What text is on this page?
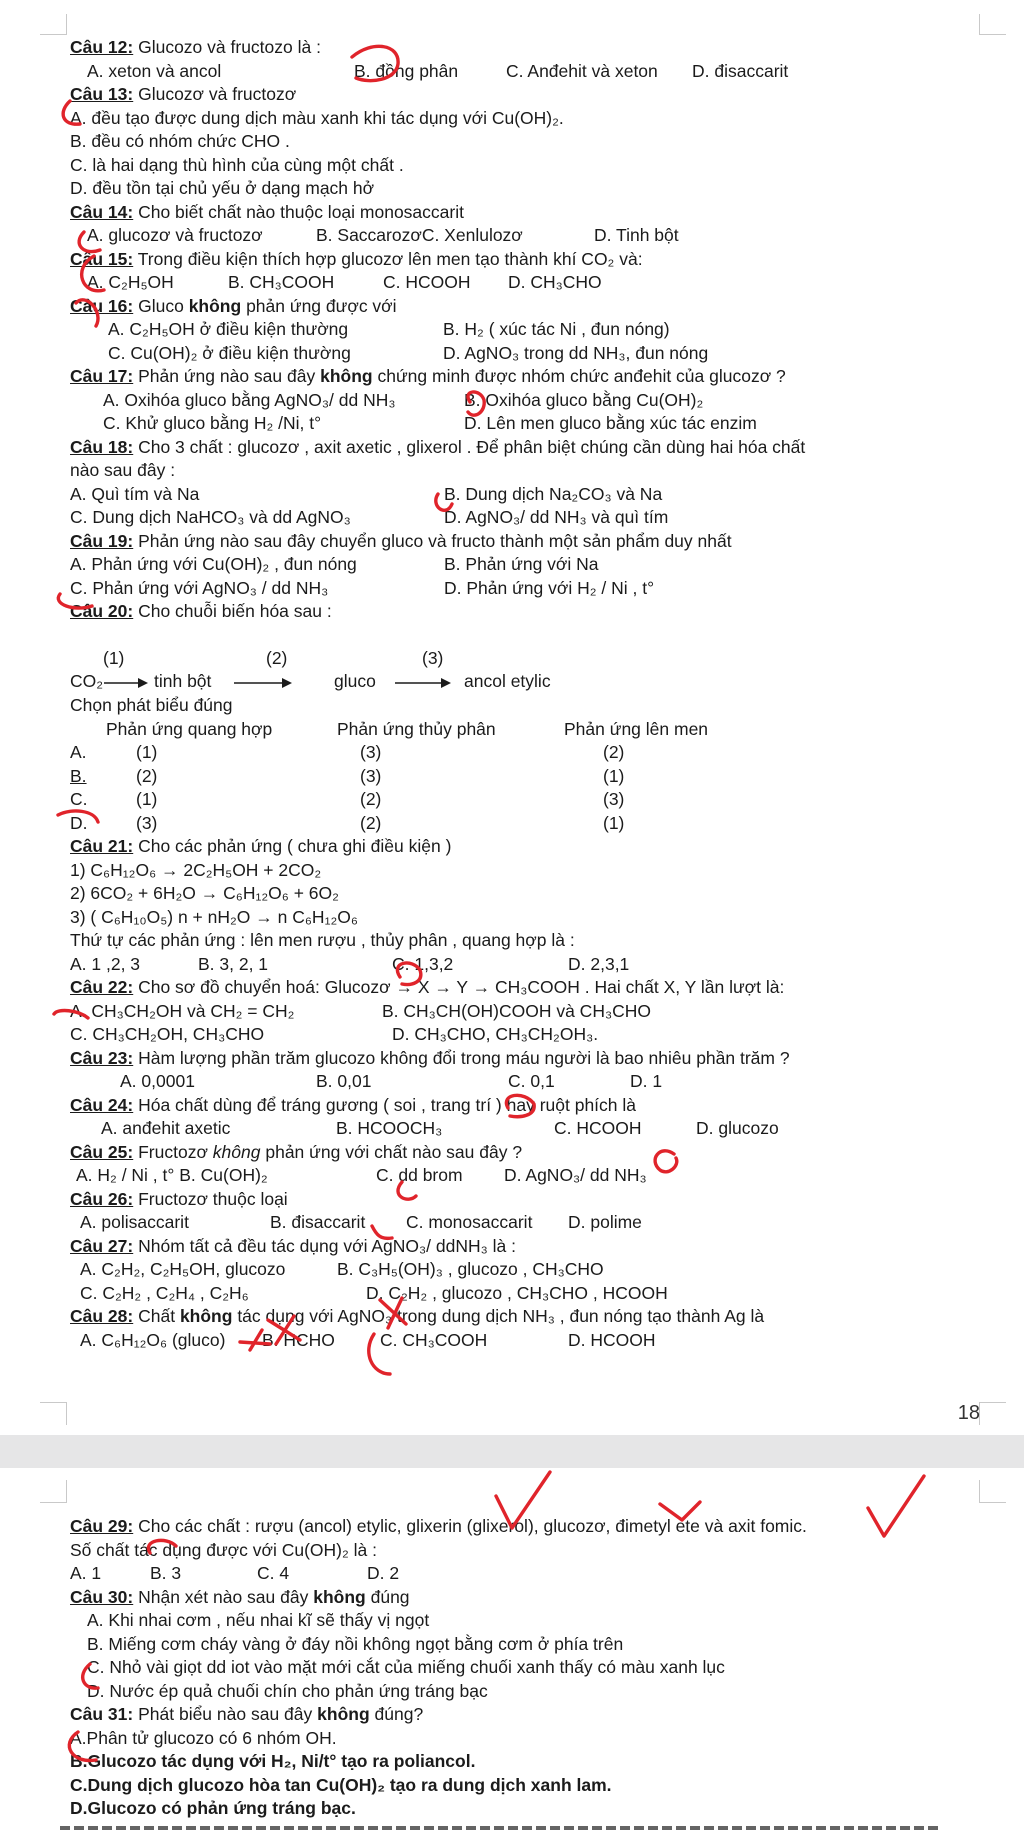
18
Câu 12: Glucozo và fructozo là :
A. xeton và ancol	B. đồng phân	C. Anđehit và xeton D. đisaccarit
Câu 13: Glucozơ và fructozơ
A. đều tạo được dung dịch màu xanh khi tác dụng với Cu(OH)₂.
B. đều có nhóm chức CHO .
C. là hai dạng thù hình của cùng một chất .
D. đều tồn tại chủ yếu ở dạng mạch hở
Câu 14: Cho biết chất nào thuộc loại monosaccarit
A. glucozơ và fructozơ	B. SaccarozơC. Xenlulozơ	D. Tinh bột
Câu 15: Trong điều kiện thích hợp glucozơ lên men tạo thành khí CO₂ và:
A. C₂H₅OH	B. CH₃COOH	C. HCOOH D. CH₃CHO
Câu 16: Gluco không phản ứng được với
A. C₂H₅OH ở điều kiện thường	B. H₂ ( xúc tác Ni , đun nóng)
C. Cu(OH)₂ ở điều kiện thường	D. AgNO₃ trong dd NH₃, đun nóng
Câu 17: Phản ứng nào sau đây không chứng minh được nhóm chức anđehit của glucozơ ?
A. Oxihóa gluco bằng AgNO₃/ dd NH₃	B. Oxihóa gluco bằng Cu(OH)₂
C. Khử gluco bằng H₂ /Ni, t°	D. Lên men gluco bằng xúc tác enzim
Câu 18: Cho 3 chất : glucozơ , axit axetic , glixerol . Để phân biệt chúng cần dùng hai hóa chất
nào sau đây :
A. Quì tím và Na	B. Dung dịch Na₂CO₃ và Na
C. Dung dịch NaHCO₃ và dd AgNO₃	D. AgNO₃/ dd NH₃ và quì tím
Câu 19: Phản ứng nào sau đây chuyển gluco và fructo thành một sản phẩm duy nhất
A. Phản ứng với Cu(OH)₂ , đun nóng	B. Phản ứng với Na
C. Phản ứng với AgNO₃ / dd NH₃	D. Phản ứng với H₂ / Ni , t°
Câu 20: Cho chuỗi biến hóa sau :
(1)	(2)	(3)
CO₂	tinh bột	gluco	ancol etylic
Chọn phát biểu đúng
Phản ứng quang hợp	Phản ứng thủy phân	Phản ứng lên men
A.	(1)	(3)	(2)
B.	(2)	(3)	(1)
C.	(1)	(2)	(3)
D.	(3)	(2)	(1)
Câu 21: Cho các phản ứng ( chưa ghi điều kiện )
1) C₆H₁₂O₆ → 2C₂H₅OH + 2CO₂
2) 6CO₂ + 6H₂O → C₆H₁₂O₆ + 6O₂
3) ( C₆H₁₀O₅) n + nH₂O → n C₆H₁₂O₆
Thứ tự các phản ứng : lên men rượu , thủy phân , quang hợp là :
A. 1 ,2, 3	B. 3, 2, 1	C. 1,3,2	D. 2,3,1
Câu 22: Cho sơ đồ chuyển hoá: Glucozơ → X → Y → CH₃COOH . Hai chất X, Y lần lượt là:
A. CH₃CH₂OH và CH₂ = CH₂	B. CH₃CH(OH)COOH và CH₃CHO
C. CH₃CH₂OH, CH₃CHO	D. CH₃CHO, CH₃CH₂OH₃.
Câu 23: Hàm lượng phần trăm glucozo không đổi trong máu người là bao nhiêu phần trăm ?
A. 0,0001	B. 0,01	C. 0,1	D. 1
Câu 24: Hóa chất dùng để tráng gương ( soi , trang trí ) hay ruột phích là
A. anđehit axetic	B. HCOOCH₃	C. HCOOH	D. glucozo
Câu 25: Fructozơ không phản ứng với chất nào sau đây ?
A. H₂ / Ni , t° B. Cu(OH)₂	C. dd brom D. AgNO₃/ dd NH₃
Câu 26: Fructozơ thuộc loại
A. polisaccarit	B. đisaccarit C. monosaccarit D. polime
Câu 27: Nhóm tất cả đều tác dụng với AgNO₃/ ddNH₃ là :
A. C₂H₂, C₂H₅OH, glucozo	B. C₃H₅(OH)₃ , glucozo , CH₃CHO
C. C₂H₂ , C₂H₄ , C₂H₆	D. C₂H₂ , glucozo , CH₃CHO , HCOOH
Câu 28: Chất không tác dụng với AgNO₃ trong dung dịch NH₃ , đun nóng tạo thành Ag là
A. C₆H₁₂O₆ (gluco) B. HCHO	C. CH₃COOH	D. HCOOH
Câu 29: Cho các chất : rượu (ancol) etylic, glixerin (glixerol), glucozơ, đimetyl ete và axit fomic.
Số chất tác dụng được với Cu(OH)₂ là :
A. 1	B. 3	C. 4	D. 2
Câu 30: Nhận xét nào sau đây không đúng
A. Khi nhai cơm , nếu nhai kĩ sẽ thấy vị ngọt
B. Miếng cơm cháy vàng ở đáy nồi không ngọt bằng cơm ở phía trên
C. Nhỏ vài giọt dd iot vào mặt mới cắt của miếng chuối xanh thấy có màu xanh lục
D. Nước ép quả chuối chín cho phản ứng tráng bạc
Câu 31: Phát biểu nào sau đây không đúng?
A.Phân tử glucozo có 6 nhóm OH.
B.Glucozo tác dụng với H₂, Ni/t° tạo ra poliancol.
C.Dung dịch glucozo hòa tan Cu(OH)₂ tạo ra dung dịch xanh lam.
D.Glucozo có phản ứng tráng bạc.
